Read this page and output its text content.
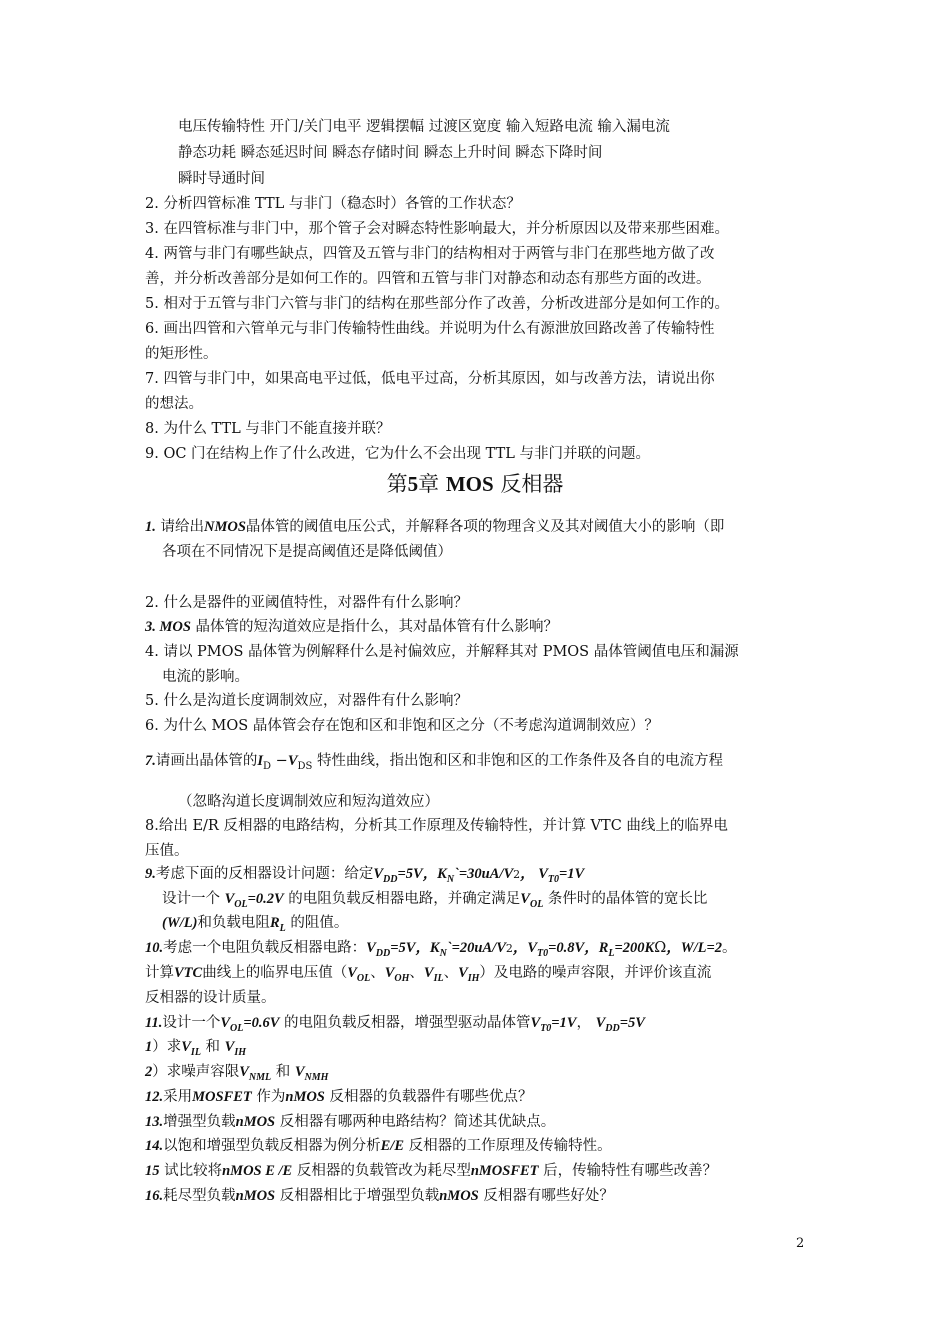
电压传输特性 开门/关门电平 逻辑摆幅 过渡区宽度 输入短路电流 输入漏电流
静态功耗 瞬态延迟时间 瞬态存储时间 瞬态上升时间 瞬态下降时间
瞬时导通时间
2. 分析四管标准 TTL 与非门（稳态时）各管的工作状态？
3. 在四管标准与非门中，那个管子会对瞬态特性影响最大，并分析原因以及带来那些困难。
4. 两管与非门有哪些缺点，四管及五管与非门的结构相对于两管与非门在那些地方做了改
善，并分析改善部分是如何工作的。四管和五管与非门对静态和动态有那些方面的改进。
5. 相对于五管与非门六管与非门的结构在那些部分作了改善，分析改进部分是如何工作的。
6. 画出四管和六管单元与非门传输特性曲线。并说明为什么有源泄放回路改善了传输特性
的矩形性。
7. 四管与非门中，如果高电平过低，低电平过高，分析其原因，如与改善方法，请说出你
的想法。
8. 为什么 TTL 与非门不能直接并联？
9. OC 门在结构上作了什么改进，它为什么不会出现 TTL 与非门并联的问题。
第5章 MOS 反相器
1. 请给出NMOS晶体管的阈值电压公式，并解释各项的物理含义及其对阈值大小的影响（即
各项在不同情况下是提高阈值还是降低阈值）
2. 什么是器件的亚阈值特性，对器件有什么影响？
3. MOS 晶体管的短沟道效应是指什么，其对晶体管有什么影响？
4. 请以 PMOS 晶体管为例解释什么是衬偏效应，并解释其对 PMOS 晶体管阈值电压和漏源
电流的影响。
5. 什么是沟道长度调制效应，对器件有什么影响？
6. 为什么 MOS 晶体管会存在饱和区和非饱和区之分（不考虑沟道调制效应）？
7.请画出晶体管的$I_D -V_{DS}$ 特性曲线，指出饱和区和非饱和区的工作条件及各自的电流方程
（忽略沟道长度调制效应和短沟道效应）
8.给出 E/R 反相器的电路结构，分析其工作原理及传输特性，并计算 VTC 曲线上的临界电
压值。
9.考虑下面的反相器设计问题：给定$V_{DD}=5V$，$K_N`=30uA/V2$， $V_{T0}=1V$
设计一个 $V_{OL}=0.2V$ 的电阻负载反相器电路，并确定满足$V_{OL}$ 条件时的晶体管的宽长比
(W/L)和负载电阻$R_L$ 的阻值。
10.考虑一个电阻负载反相器电路：$V_{DD}=5V$，$K_N`=20uA/V2$，$V_{T0}=0.8V$，$R_L=200K\Omega$，W/L=2。
计算VTC曲线上的临界电压值（$V_{OL}$、$V_{OH}$、$V_{IL}$、$V_{IH}$）及电路的噪声容限，并评价该直流
反相器的设计质量。
11.设计一个$V_{OL}=0.6V$ 的电阻负载反相器，增强型驱动晶体管$V_{T0}=1V$， $V_{DD}=5V$
1）求$V_{IL}$ 和 $V_{IH}$
2）求噪声容限$V_{NML}$ 和 $V_{NMH}$
12.采用MOSFET 作为nMOS 反相器的负载器件有哪些优点？
13.增强型负载nMOS 反相器有哪两种电路结构？简述其优缺点。
14.以饱和增强型负载反相器为例分析E/E 反相器的工作原理及传输特性。
15 试比较将nMOS E /E 反相器的负载管改为耗尽型nMOSFET 后，传输特性有哪些改善？
16.耗尽型负载nMOS 反相器相比于增强型负载nMOS 反相器有哪些好处？
2
